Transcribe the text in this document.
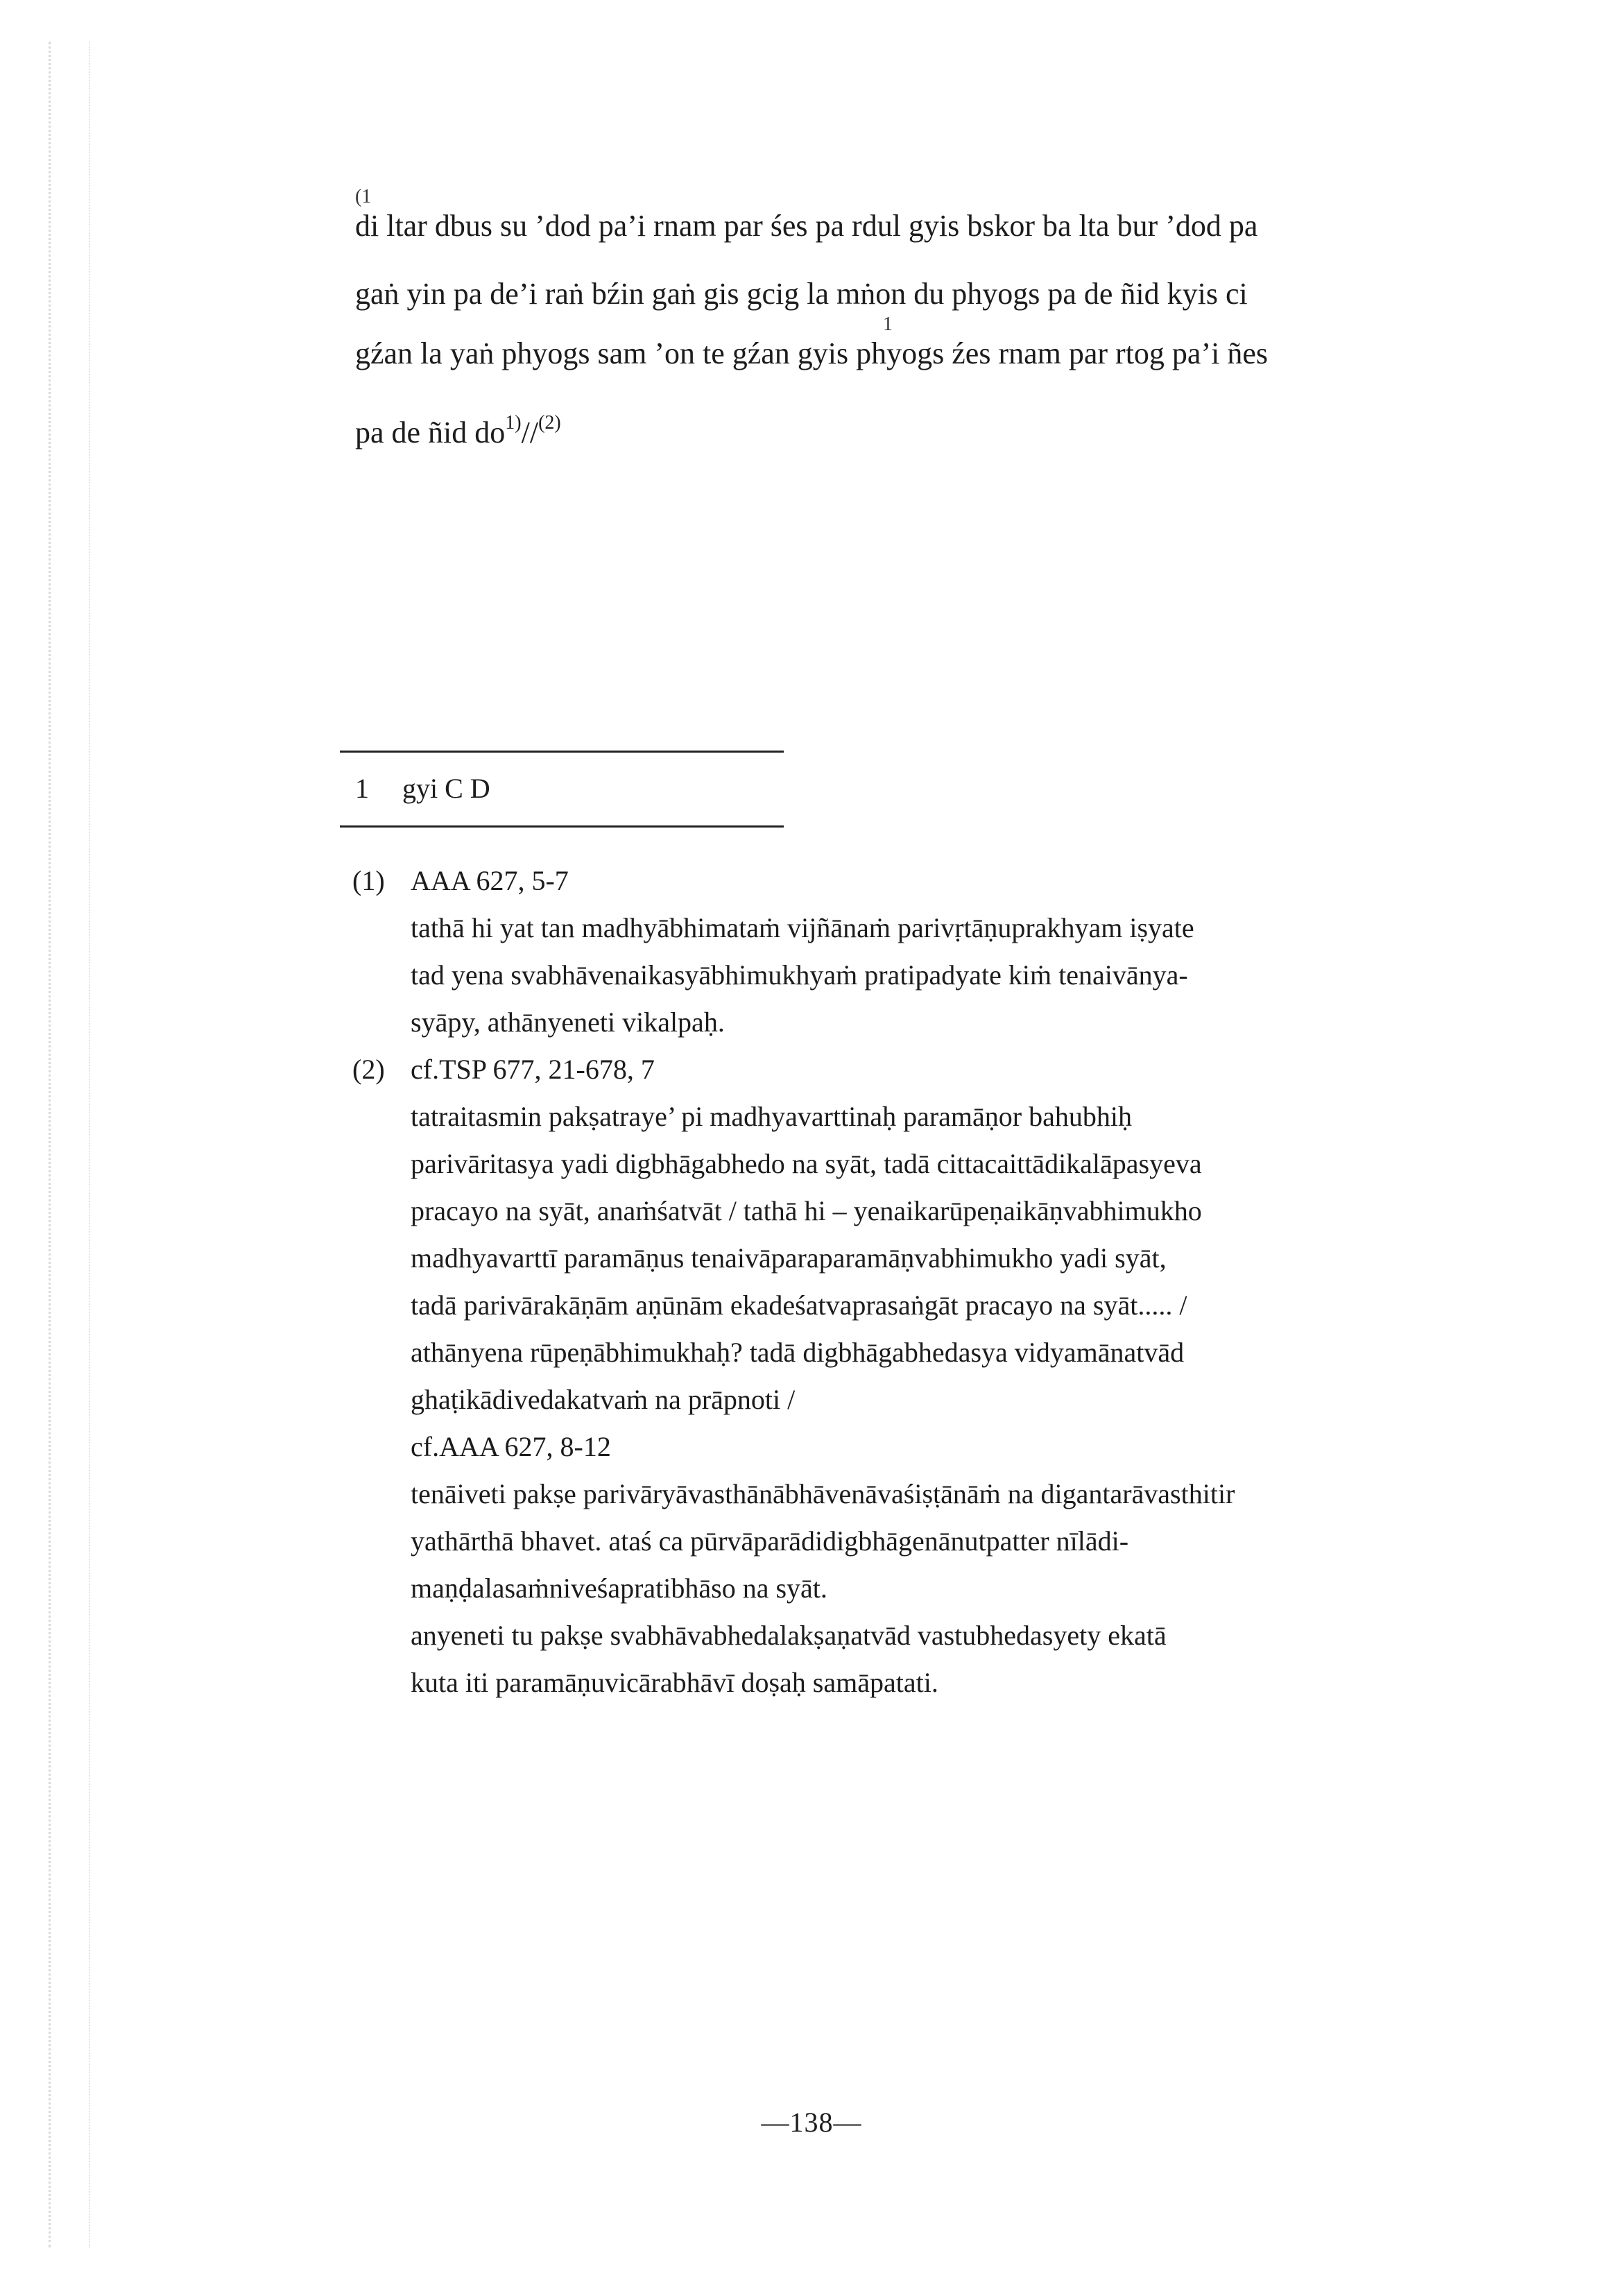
(1
di ltar dbus su ’dod pa’i rnam par śes pa rdul gyis bskor ba lta bur ’dod pa
gaṅ yin pa de’i raṅ bźin gaṅ gis gcig la mṅon du phyogs pa de ñid kyis ci
1
gźan la yaṅ phyogs sam ’on te gźan gyis phyogs źes rnam par rtog pa’i ñes
pa de ñid $do^{1)}//^{(2)}$
1 gyi C D
(1) AAA 627, 5-7
tathā hi yat tan madhyābhimataṁ vijñānaṁ parivṛtāṇuprakhyam iṣyate
tad yena svabhāvenaikasyābhimukhyaṁ pratipadyate kiṁ tenaivānya-
syāpy, athānyeneti vikalpaḥ.
(2) cf.TSP 677, 21-678, 7
tatraitasmin pakṣatraye’ pi madhyavarttinaḥ paramāṇor bahubhiḥ
parivāritasya yadi digbhāgabhedo na syāt, tadā cittacaittādikalāpasyeva
pracayo na syāt, anaṁśatvāt / tathā hi – yenaikarūpeṇaikāṇvabhimukho
madhyavarttī paramāṇus tenaivāparaparamāṇvabhimukho yadi syāt,
tadā parivārakāṇām aṇūnām ekadeśatvaprasaṅgāt pracayo na syāt..... /
athānyena rūpeṇābhimukhaḥ? tadā digbhāgabhedasya vidyamānatvād
ghaṭikādivedakatvaṁ na prāpnoti /
cf.AAA 627, 8-12
tenāiveti pakṣe parivāryāvasthānābhāvenāvaśiṣṭānāṁ na digantarāvasthitir
yathārthā bhavet. ataś ca pūrvāparādidigbhāgenānutpatter nīlādi-
maṇḍalasaṁniveśapratibhāso na syāt.
anyeneti tu pakṣe svabhāvabhedalakṣaṇatvād vastubhedasyety ekatā
kuta iti paramāṇuvicārabhāvī doṣaḥ samāpatati.
—138—
